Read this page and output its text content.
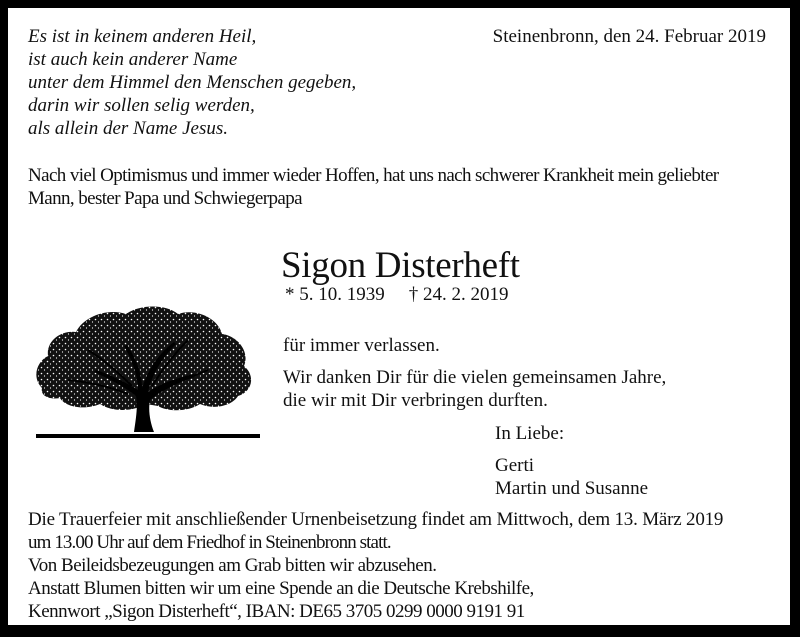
Es ist in keinem anderen Heil,
ist auch kein anderer Name
unter dem Himmel den Menschen gegeben,
darin wir sollen selig werden,
als allein der Name Jesus.
Steinenbronn, den 24. Februar 2019
Nach viel Optimismus und immer wieder Hoffen, hat uns nach schwerer Krankheit mein geliebter
Mann, bester Papa und Schwiegerpapa
Sigon Disterheft
* 5. 10. 1939 † 24. 2. 2019
für immer verlassen.
Wir danken Dir für die vielen gemeinsamen Jahre,
die wir mit Dir verbringen durften.
In Liebe:
Gerti
Martin und Susanne
Die Trauerfeier mit anschließender Urnenbeisetzung findet am Mittwoch, dem 13. März 2019
um 13.00 Uhr auf dem Friedhof in Steinenbronn statt.
Von Beileidsbezeugungen am Grab bitten wir abzusehen.
Anstatt Blumen bitten wir um eine Spende an die Deutsche Krebshilfe,
Kennwort „Sigon Disterheft“, IBAN: DE65 3705 0299 0000 9191 91
